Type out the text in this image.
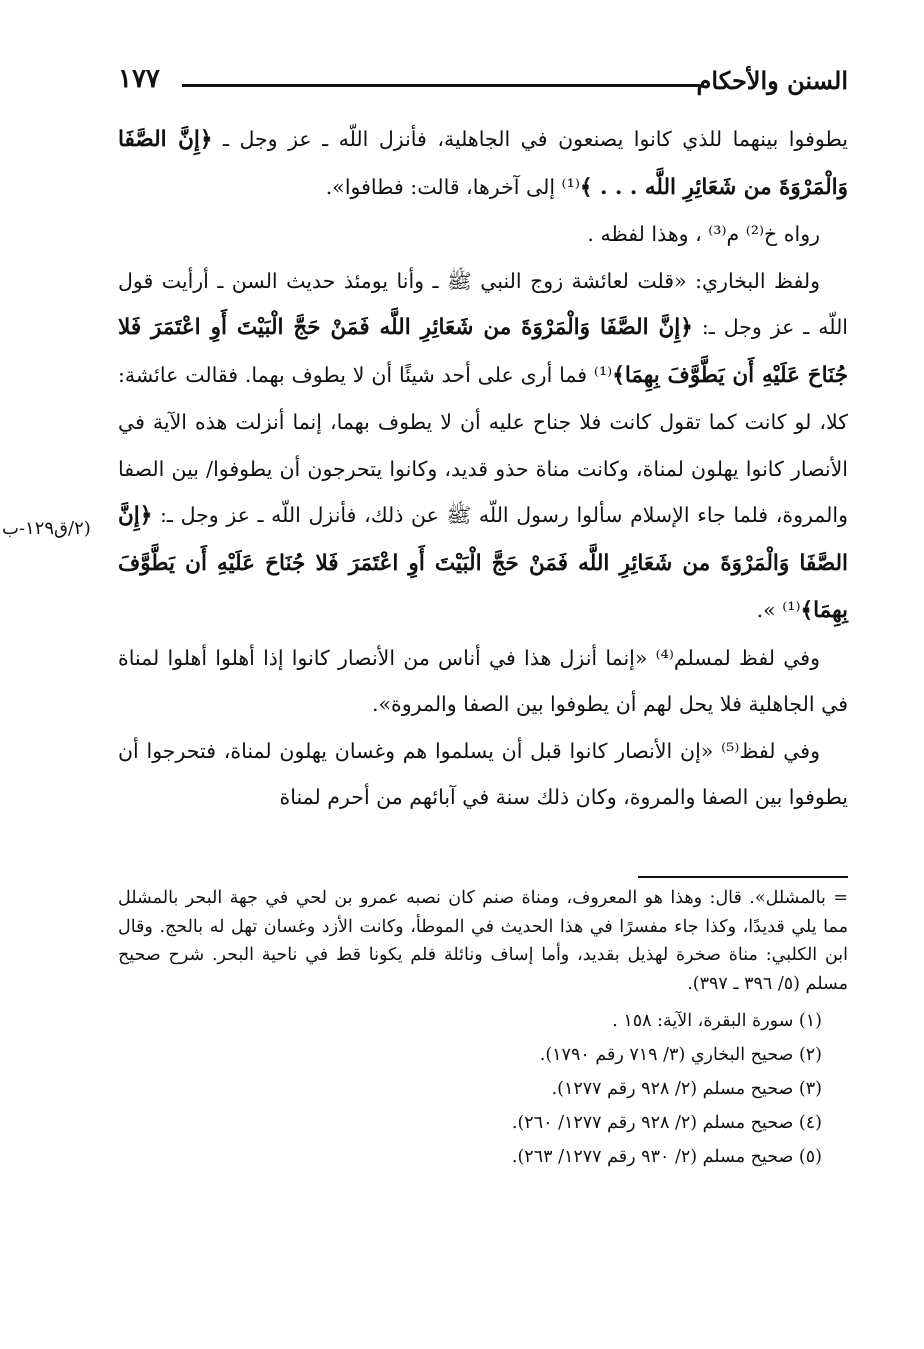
السنن والأحكام
١٧٧

يطوفوا بينهما للذي كانوا يصنعون في الجاهلية، فأنزل اللّه ـ عز وجل ـ ﴿إِنَّ الصَّفَا وَالْمَرْوَةَ من شَعَائِرِ اللَّه . . . ﴾⁽¹⁾ إلى آخرها، قالت: فطافوا».

رواه خ⁽²⁾ م⁽³⁾ ، وهذا لفظه .

ولفظ البخاري: «قلت لعائشة زوج النبي ﷺ ـ وأنا يومئذ حديث السن ـ أرأيت قول اللّه ـ عز وجل ـ: ﴿إِنَّ الصَّفَا وَالْمَرْوَةَ من شَعَائِرِ اللَّه فَمَنْ حَجَّ الْبَيْتَ أَوِ اعْتَمَرَ فَلا جُنَاحَ عَلَيْهِ أَن يَطَّوَّفَ بِهِمَا﴾⁽¹⁾ فما أرى على أحد شيئًا أن لا يطوف بهما. فقالت عائشة: كلا، لو كانت كما تقول كانت فلا جناح عليه أن لا يطوف بهما، إنما أنزلت هذه الآية في الأنصار كانوا يهلون لمناة، وكانت مناة حذو قديد، وكانوا يتحرجون أن يطوفوا/ بين الصفا والمروة، فلما جاء الإسلام سألوا رسول اللّه ﷺ عن ذلك، فأنزل اللّه ـ عز وجل ـ: ﴿إِنَّ الصَّفَا وَالْمَرْوَةَ من شَعَائِرِ اللَّه فَمَنْ حَجَّ الْبَيْتَ أَوِ اعْتَمَرَ فَلا جُنَاحَ عَلَيْهِ أَن يَطَّوَّفَ بِهِمَا﴾⁽¹⁾ ».

وفي لفظ لمسلم⁽⁴⁾ «إنما أنزل هذا في أناس من الأنصار كانوا إذا أهلوا أهلوا لمناة في الجاهلية فلا يحل لهم أن يطوفوا بين الصفا والمروة».

وفي لفظ⁽⁵⁾ «إن الأنصار كانوا قبل أن يسلموا هم وغسان يهلون لمناة، فتحرجوا أن يطوفوا بين الصفا والمروة، وكان ذلك سنة في آبائهم من أحرم لمناة

(٢/ق١٢٩-ب

= بالمشلل». قال: وهذا هو المعروف، ومناة صنم كان نصبه عمرو بن لحي في جهة البحر بالمشلل مما يلي قديدًا، وكذا جاء مفسرًا في هذا الحديث في الموطأ، وكانت الأزد وغسان تهل له بالحج. وقال ابن الكلبي: مناة صخرة لهذيل بقديد، وأما إساف ونائلة فلم يكونا قط في ناحية البحر. شرح صحيح مسلم (٥/ ٣٩٦ ـ ٣٩٧).

(١) سورة البقرة، الآية: ١٥٨ .
(٢) صحيح البخاري (٣/ ٧١٩ رقم ١٧٩٠).
(٣) صحيح مسلم (٢/ ٩٢٨ رقم ١٢٧٧).
(٤) صحيح مسلم (٢/ ٩٢٨ رقم ١٢٧٧/ ٢٦٠).
(٥) صحيح مسلم (٢/ ٩٣٠ رقم ١٢٧٧/ ٢٦٣).
